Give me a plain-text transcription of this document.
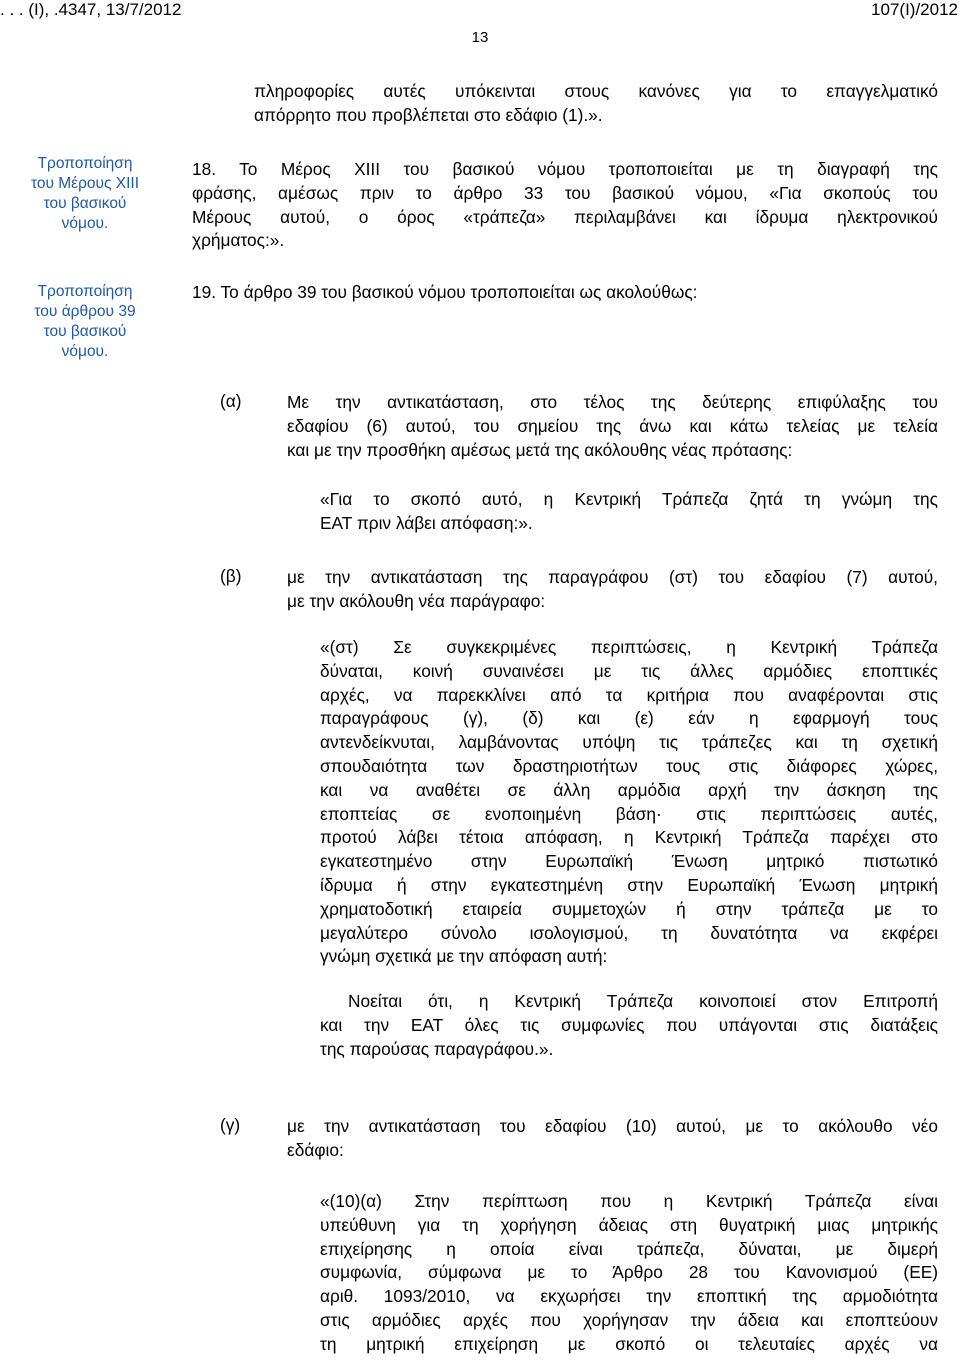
. . . (Ι), .4347, 13/7/2012	107(Ι)/2012
13
Τροποποίηση
του Μέρους XIII
του βασικού
νόμου.
Τροποποίηση
του άρθρου 39
του βασικού
νόμου.
πληροφορίες αυτές υπόκεινται στους κανόνες για το επαγγελματικό
απόρρητο που προβλέπεται στο εδάφιο (1).».
18. Το Μέρος XIII του βασικού νόμου τροποποιείται με τη διαγραφή της
φράσης, αμέσως πριν το άρθρο 33 του βασικού νόμου, «Για σκοπούς του
Μέρους αυτού, ο όρος «τράπεζα» περιλαμβάνει και ίδρυμα ηλεκτρονικού
χρήματος:».
19. Το άρθρο 39 του βασικού νόμου τροποποιείται ως ακολούθως:
(α)	Με την αντικατάσταση, στο τέλος της δεύτερης επιφύλαξης του
εδαφίου (6) αυτού, του σημείου της άνω και κάτω τελείας με τελεία
και με την προσθήκη αμέσως μετά της ακόλουθης νέας πρότασης:
«Για το σκοπό αυτό, η Κεντρική Τράπεζα ζητά τη γνώμη της
ΕΑΤ πριν λάβει απόφαση:».
(β)	με την αντικατάσταση της παραγράφου (στ) του εδαφίου (7) αυτού,
με την ακόλουθη νέα παράγραφο:
«(στ) Σε συγκεκριμένες περιπτώσεις, η Κεντρική Τράπεζα
δύναται, κοινή συναινέσει με τις άλλες αρμόδιες εποπτικές
αρχές, να παρεκκλίνει από τα κριτήρια που αναφέρονται στις
παραγράφους (γ), (δ) και (ε) εάν η εφαρμογή τους
αντενδείκνυται, λαμβάνοντας υπόψη τις τράπεζες και τη σχετική
σπουδαιότητα των δραστηριοτήτων τους στις διάφορες χώρες,
και να αναθέτει σε άλλη αρμόδια αρχή την άσκηση της
εποπτείας σε ενοποιημένη βάση· στις περιπτώσεις αυτές,
προτού λάβει τέτοια απόφαση, η Κεντρική Τράπεζα παρέχει στο
εγκατεστημένο στην Ευρωπαϊκή Ένωση μητρικό πιστωτικό
ίδρυμα ή στην εγκατεστημένη στην Ευρωπαϊκή Ένωση μητρική
χρηματοδοτική εταιρεία συμμετοχών ή στην τράπεζα με το
μεγαλύτερο σύνολο ισολογισμού, τη δυνατότητα να εκφέρει
γνώμη σχετικά με την απόφαση αυτή:
Νοείται ότι, η Κεντρική Τράπεζα κοινοποιεί στον Επιτροπή
και την ΕΑΤ όλες τις συμφωνίες που υπάγονται στις διατάξεις
της παρούσας παραγράφου.».
(γ)	με την αντικατάσταση του εδαφίου (10) αυτού, με το ακόλουθο νέο
εδάφιο:
«(10)(α) Στην περίπτωση που η Κεντρική Τράπεζα είναι
υπεύθυνη για τη χορήγηση άδειας στη θυγατρική μιας μητρικής
επιχείρησης η οποία είναι τράπεζα, δύναται, με διμερή
συμφωνία, σύμφωνα με το Άρθρο 28 του Κανονισμού (ΕΕ)
αριθ. 1093/2010, να εκχωρήσει την εποπτική της αρμοδιότητα
στις αρμόδιες αρχές που χορήγησαν την άδεια και εποπτεύουν
τη μητρική επιχείρηση με σκοπό οι τελευταίες αρχές να
